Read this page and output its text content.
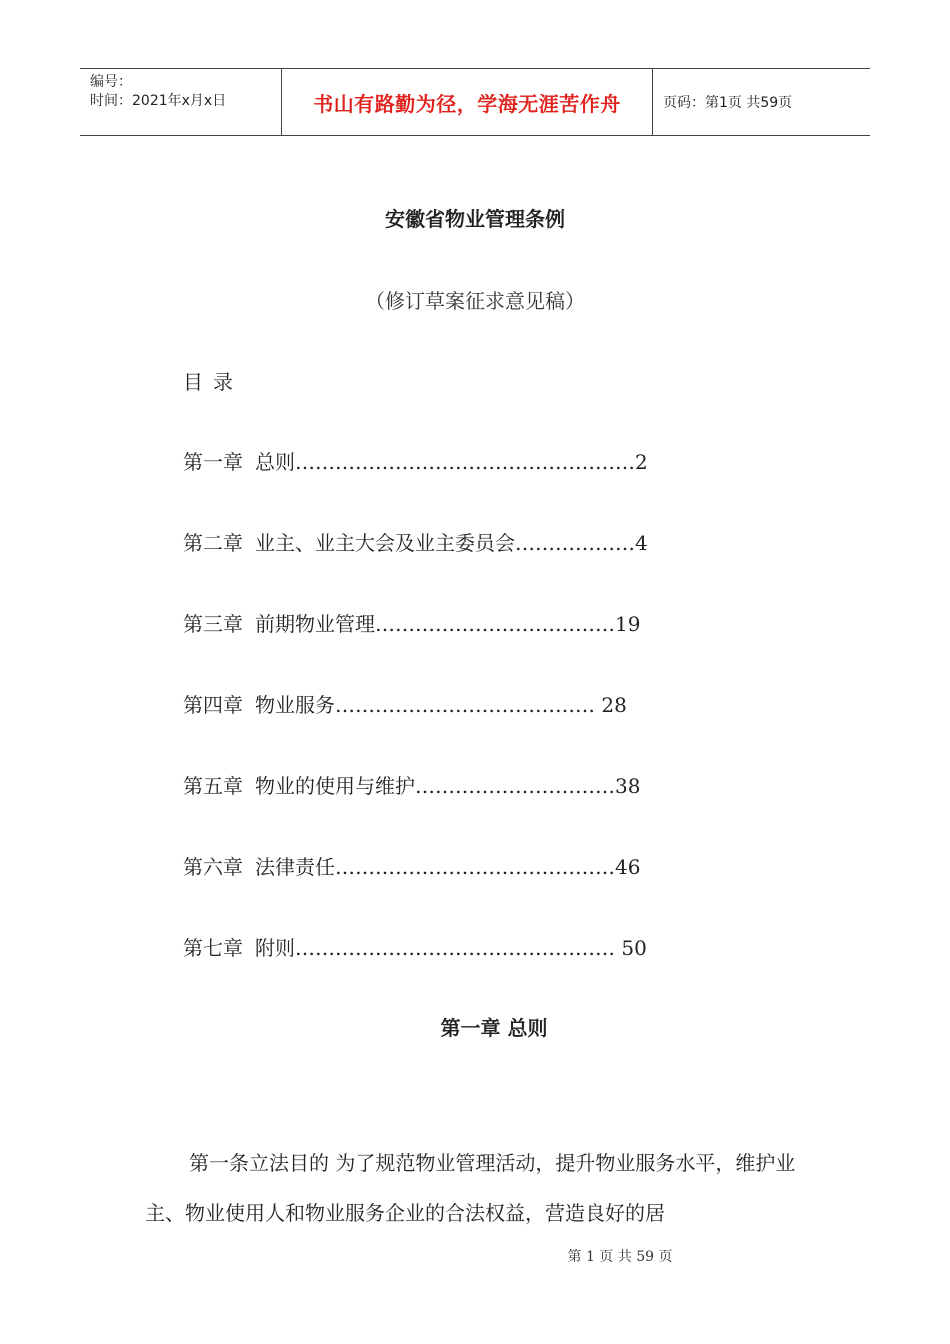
编号：
时间：2021年x月x日	书山有路勤为径，学海无涯苦作舟	页码：第1页 共59页
安徽省物业管理条例
（修订草案征求意见稿）
目录
第一章 总则……………………………………………2
第二章 业主、业主大会及业主委员会………………4
第三章 前期物业管理………………………………19
第四章 物业服务………………………………… 28
第五章 物业的使用与维护…………………………38
第六章 法律责任……………………………………46
第七章 附则………………………………………… 50
第一章 总则
第一条立法目的 为了规范物业管理活动，提升物业服务水平，维护业主、物业使用人和物业服务企业的合法权益，营造良好的居
第 1 页 共 59 页
